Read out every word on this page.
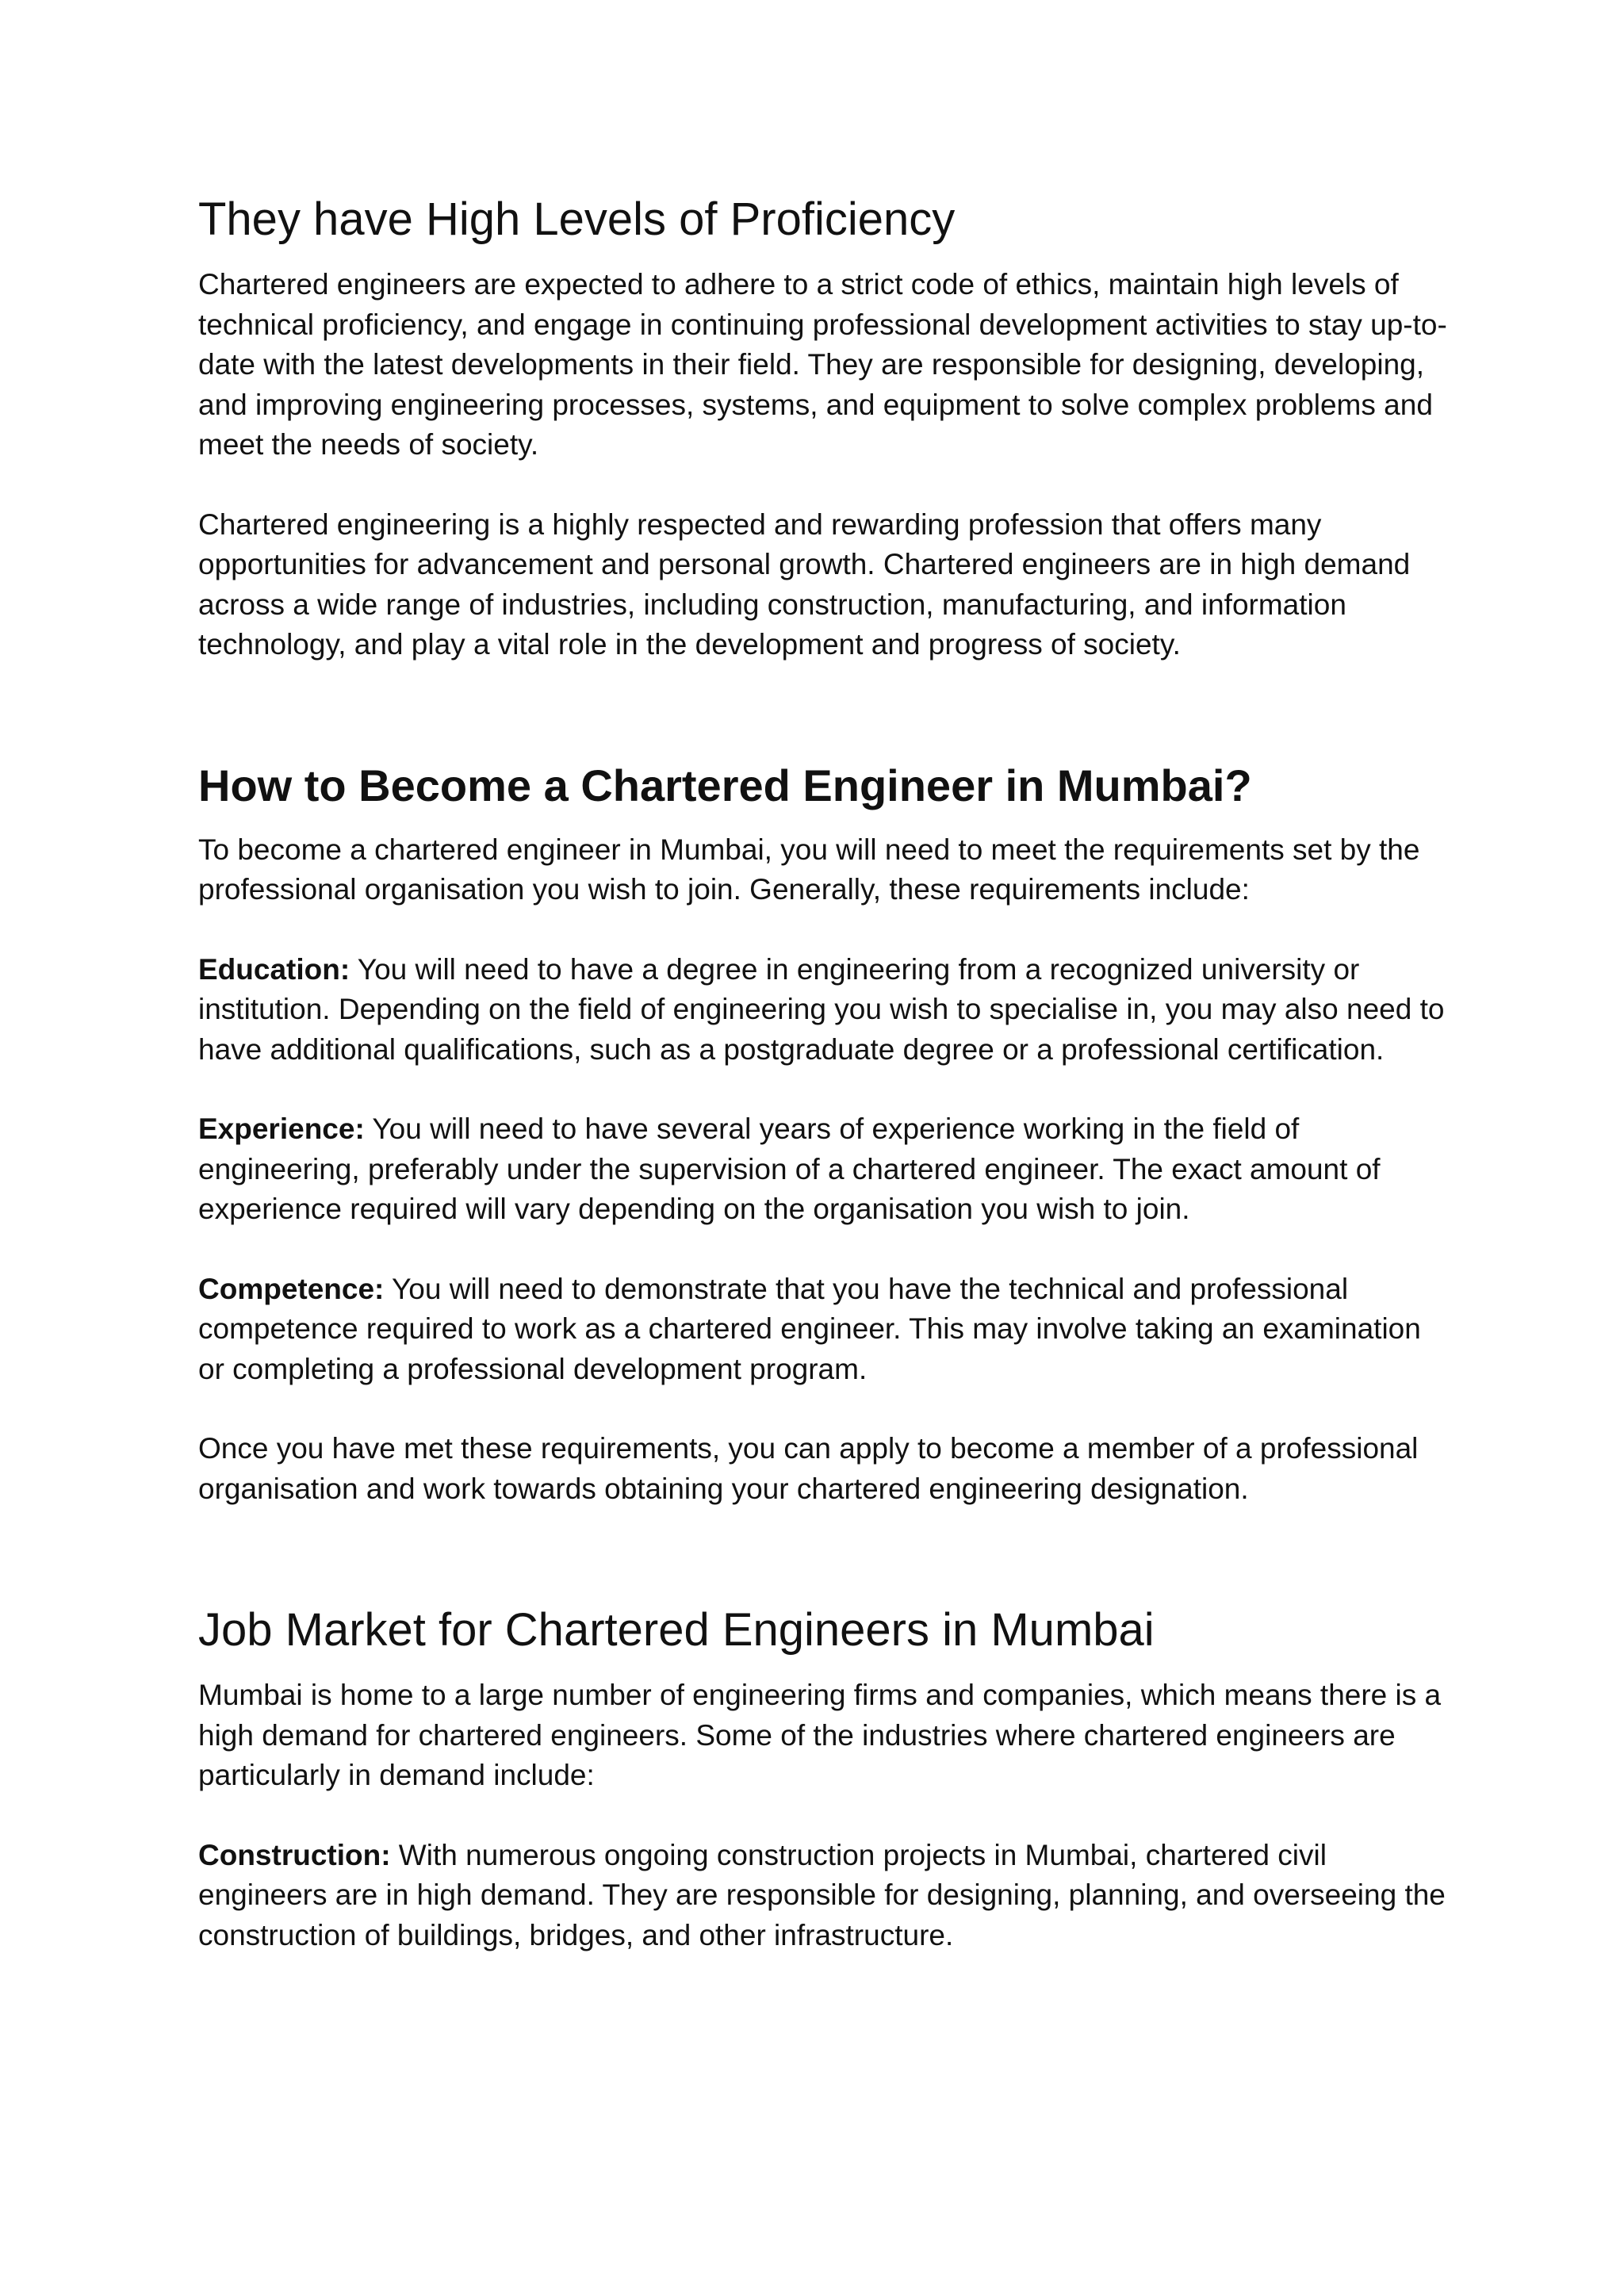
They have High Levels of Proficiency

Chartered engineers are expected to adhere to a strict code of ethics, maintain high levels of technical proficiency, and engage in continuing professional development activities to stay up-to-date with the latest developments in their field. They are responsible for designing, developing, and improving engineering processes, systems, and equipment to solve complex problems and meet the needs of society.

Chartered engineering is a highly respected and rewarding profession that offers many opportunities for advancement and personal growth. Chartered engineers are in high demand across a wide range of industries, including construction, manufacturing, and information technology, and play a vital role in the development and progress of society.

How to Become a Chartered Engineer in Mumbai?

To become a chartered engineer in Mumbai, you will need to meet the requirements set by the professional organisation you wish to join. Generally, these requirements include:

Education: You will need to have a degree in engineering from a recognized university or institution. Depending on the field of engineering you wish to specialise in, you may also need to have additional qualifications, such as a postgraduate degree or a professional certification.

Experience: You will need to have several years of experience working in the field of engineering, preferably under the supervision of a chartered engineer. The exact amount of experience required will vary depending on the organisation you wish to join.

Competence: You will need to demonstrate that you have the technical and professional competence required to work as a chartered engineer. This may involve taking an examination or completing a professional development program.

Once you have met these requirements, you can apply to become a member of a professional organisation and work towards obtaining your chartered engineering designation.

Job Market for Chartered Engineers in Mumbai

Mumbai is home to a large number of engineering firms and companies, which means there is a high demand for chartered engineers. Some of the industries where chartered engineers are particularly in demand include:

Construction: With numerous ongoing construction projects in Mumbai, chartered civil engineers are in high demand. They are responsible for designing, planning, and overseeing the construction of buildings, bridges, and other infrastructure.
